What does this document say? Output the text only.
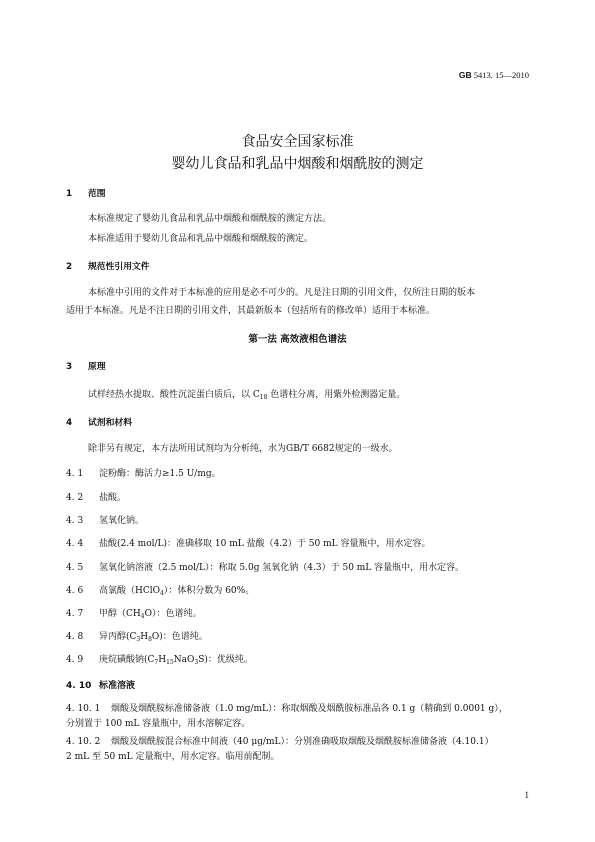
GB 5413. 15—2010
食品安全国家标准
婴幼儿食品和乳品中烟酸和烟酰胺的测定
1 范围
本标准规定了婴幼儿食品和乳品中烟酸和烟酰胺的测定方法。
本标准适用于婴幼儿食品和乳品中烟酸和烟酰胺的测定。
2 规范性引用文件
本标准中引用的文件对于本标准的应用是必不可少的。凡是注日期的引用文件，仅所注日期的版本
适用于本标准。凡是不注日期的引用文件，其最新版本（包括所有的修改单）适用于本标准。
第一法 高效液相色谱法
3 原理
试样经热水提取、酸性沉淀蛋白质后，以 $C_{18}$ 色谱柱分离，用紫外检测器定量。
4 试剂和材料
除非另有规定，本方法所用试剂均为分析纯，水为GB/T 6682规定的一级水。
4. 1 淀粉酶：酶活力≥1.5 U/mg。
4. 2 盐酸。
4. 3 氢氧化钠。
4. 4 盐酸(2.4 mol/L)：准确移取 10 mL 盐酸（4.2）于 50 mL 容量瓶中，用水定容。
4. 5 氢氧化钠溶液（2.5 mol/L）：称取 5.0g 氢氧化钠（4.3）于 50 mL 容量瓶中，用水定容。
4. 6 高氯酸（HClO$_4$）：体积分数为 60%。
4. 7 甲醇$(CH_4O)$：色谱纯。
4. 8 异丙醇$(C_3H_8O)$：色谱纯。
4. 9 庚烷磺酸钠$(C_7H_{15}NaO_3S)$：优级纯。
4. 10 标准溶液
4. 10. 1 烟酸及烟酰胺标准储备液（1.0 mg/mL）：称取烟酸及烟酰胺标准品各 0.1 g（精确到 0.0001 g），
分别置于 100 mL 容量瓶中，用水溶解定容。
4. 10. 2 烟酸及烟酰胺混合标准中间液（40 μg/mL）：分别准确吸取烟酸及烟酰胺标准储备液（4.10.1）
2 mL 至 50 mL 定量瓶中，用水定容。临用前配制。
1
